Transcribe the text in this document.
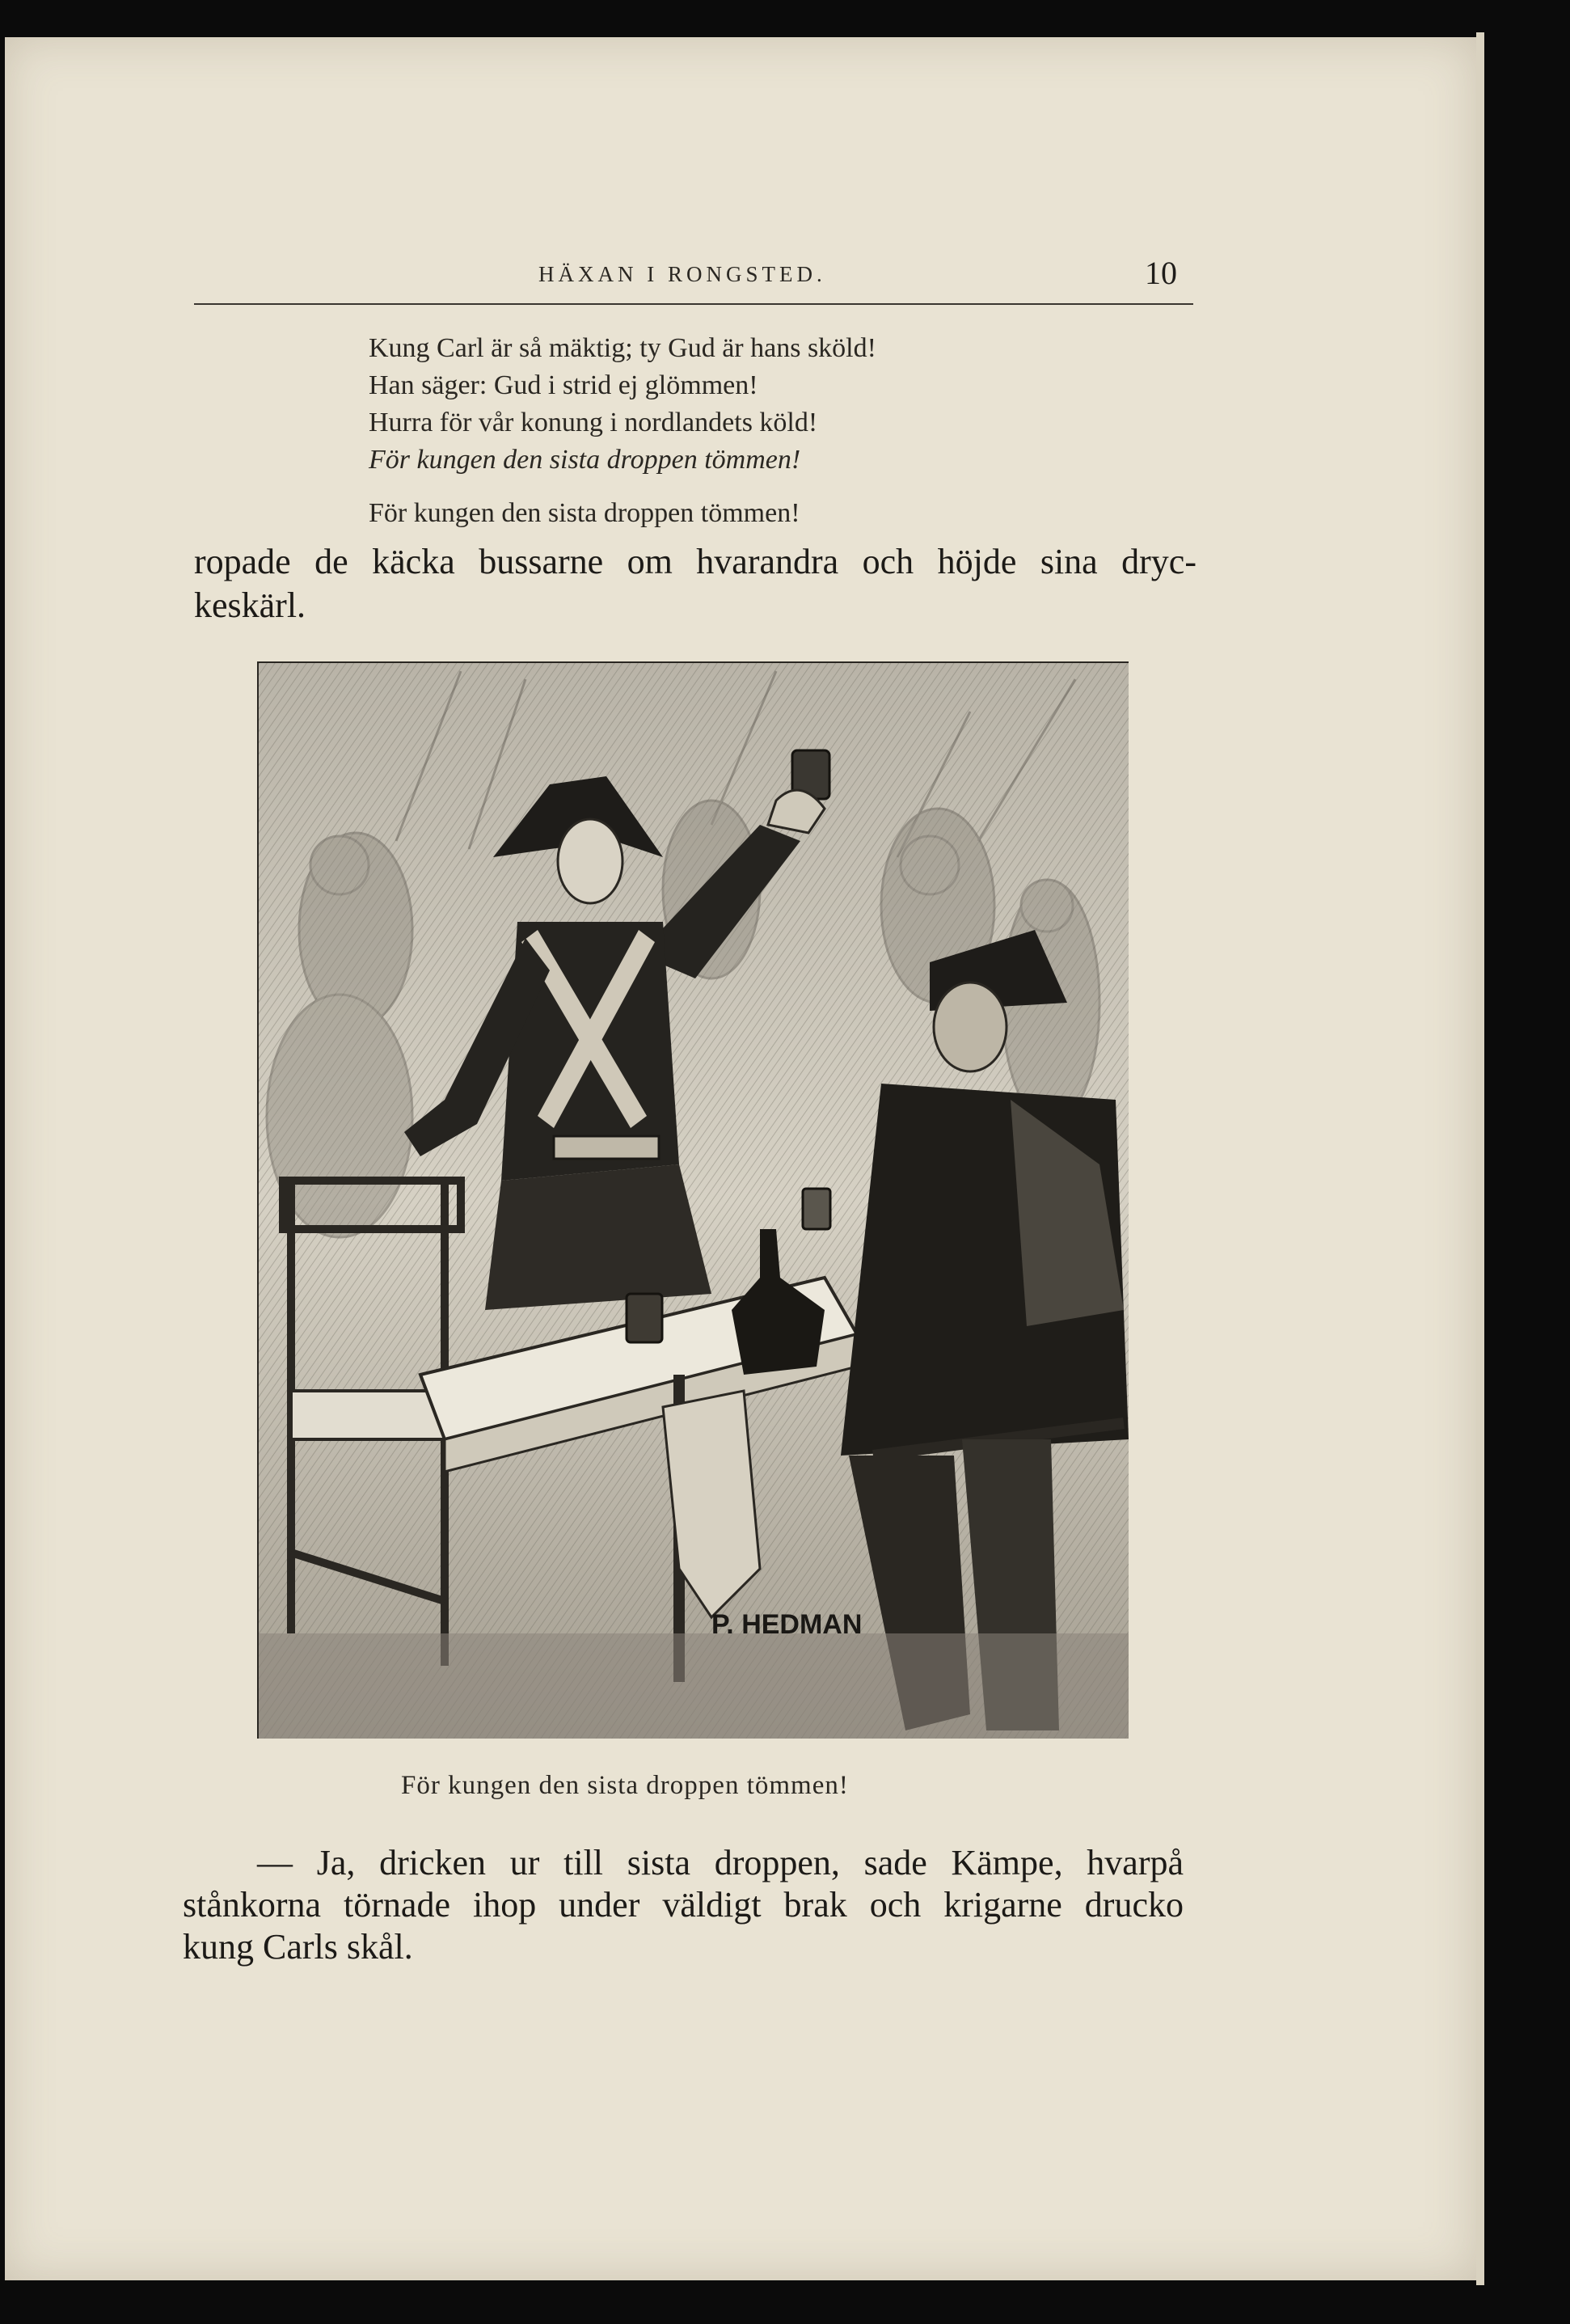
HÄXAN I RONGSTED.	10
Kung Carl är så mäktig; ty Gud är hans sköld!
Han säger: Gud i strid ej glömmen!
Hurra för vår konung i nordlandets köld!
För kungen den sista droppen tömmen!
För kungen den sista droppen tömmen!
ropade de käcka bussarne om hvarandra och höjde sina dryc-
keskärl.
P. HEDMAN
För kungen den sista droppen tömmen!
— Ja, dricken ur till sista droppen, sade Kämpe, hvarpå
stånkorna törnade ihop under väldigt brak och krigarne drucko
kung Carls skål.
